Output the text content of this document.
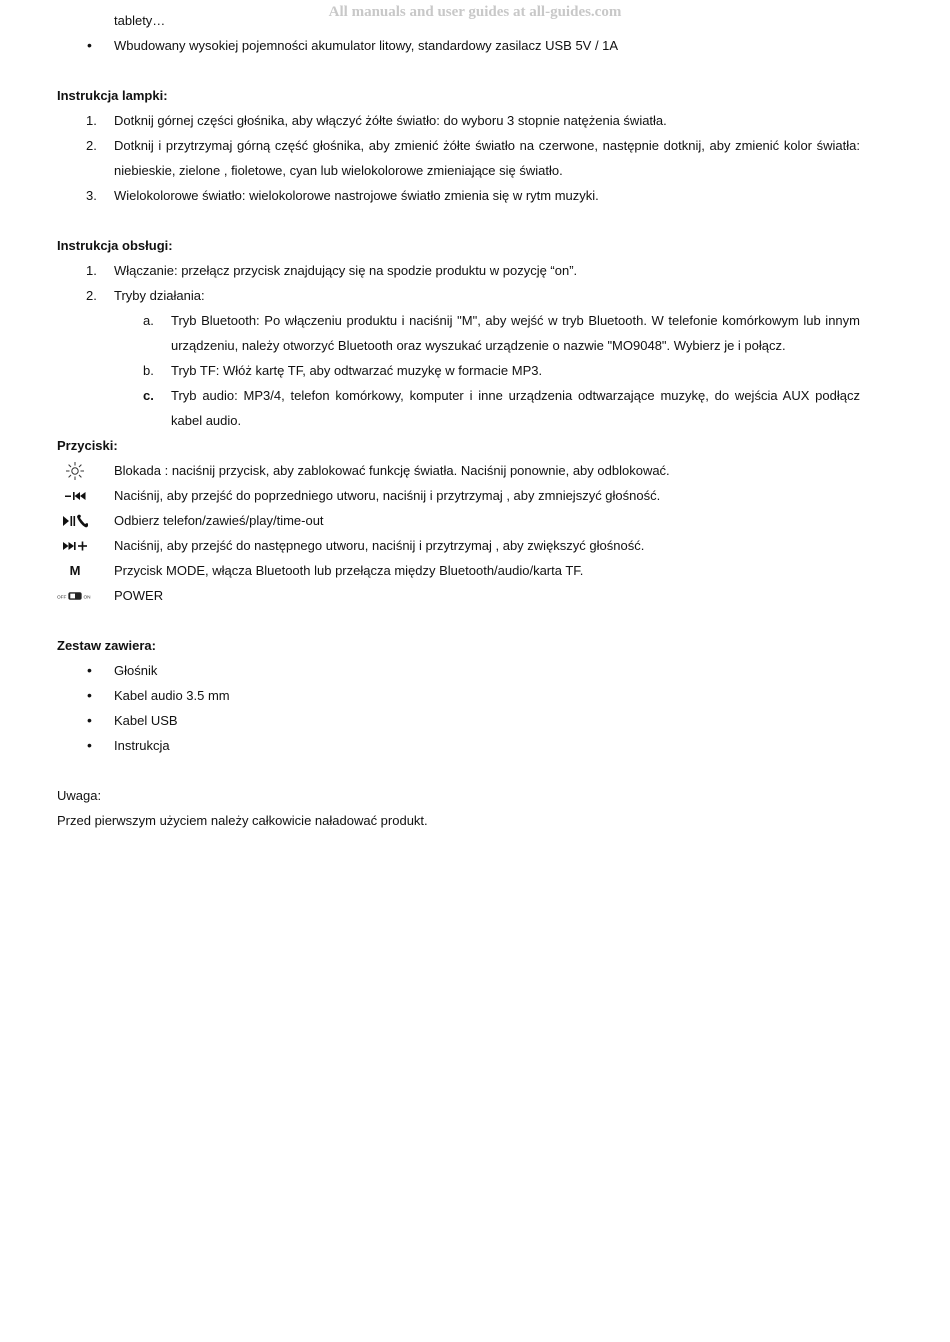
All manuals and user guides at all-guides.com
tablety…
• Wbudowany wysokiej pojemności akumulator litowy, standardowy zasilacz USB 5V / 1A
Instrukcja lampki:
1. Dotknij górnej części głośnika, aby włączyć żółte światło: do wyboru 3 stopnie natężenia światła.
2. Dotknij i przytrzymaj górną część głośnika, aby zmienić żółte światło na czerwone, następnie dotknij, aby zmienić kolor światła: niebieskie, zielone , fioletowe, cyan lub wielokolorowe zmieniające się światło.
3. Wielokolorowe światło: wielokolorowe nastrojowe światło zmienia się w rytm muzyki.
Instrukcja obsługi:
1. Włączanie: przełącz przycisk znajdujący się na spodzie produktu w pozycję “on”.
2. Tryby działania:
a. Tryb Bluetooth: Po włączeniu produktu i naciśnij "M", aby wejść w tryb Bluetooth. W telefonie komórkowym lub innym urządzeniu, należy otworzyć Bluetooth oraz wyszukać urządzenie o nazwie "MO9048". Wybierz je i połącz.
b. Tryb TF: Włóż kartę TF, aby odtwarzać muzykę w formacie MP3.
c. Tryb audio: MP3/4, telefon komórkowy, komputer i inne urządzenia odtwarzające muzykę, do wejścia AUX podłącz kabel audio.
Przyciski:
Blokada : naciśnij przycisk, aby zablokować funkcję światła. Naciśnij ponownie, aby odblokować.
Naciśnij, aby przejść do poprzedniego utworu, naciśnij i przytrzymaj , aby zmniejszyć głośność.
Odbierz telefon/zawieś/play/time-out
Naciśnij, aby przejść do następnego utworu, naciśnij i przytrzymaj , aby zwiększyć głośność.
M	Przycisk MODE, włącza Bluetooth lub przełącza między Bluetooth/audio/karta TF.
OFF	ON POWER
Zestaw zawiera:
• Głośnik
• Kabel audio 3.5 mm
• Kabel USB
• Instrukcja
Uwaga:
Przed pierwszym użyciem należy całkowicie naładować produkt.
